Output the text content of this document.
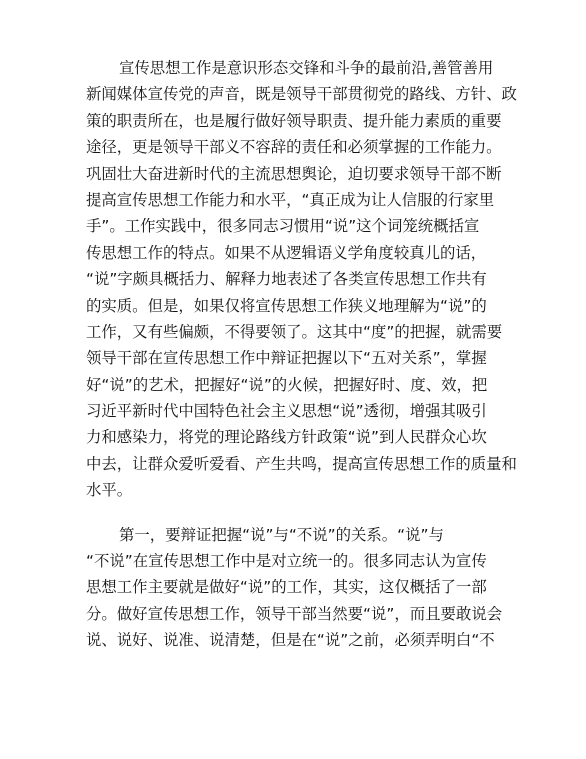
宣传思想工作是意识形态交锋和斗争的最前沿,善管善用
新闻媒体宣传党的声音，既是领导干部贯彻党的路线、方针、政
策的职责所在，也是履行做好领导职责、提升能力素质的重要
途径，更是领导干部义不容辞的责任和必须掌握的工作能力。
巩固壮大奋进新时代的主流思想舆论，迫切要求领导干部不断
提高宣传思想工作能力和水平，“真正成为让人信服的行家里
手”。工作实践中，很多同志习惯用“说”这个词笼统概括宣
传思想工作的特点。如果不从逻辑语义学角度较真儿的话，
“说”字颇具概括力、解释力地表述了各类宣传思想工作共有
的实质。但是，如果仅将宣传思想工作狭义地理解为“说”的
工作，又有些偏颇，不得要领了。这其中“度”的把握，就需要
领导干部在宣传思想工作中辩证把握以下“五对关系”，掌握
好“说”的艺术，把握好“说”的火候，把握好时、度、效，把
习近平新时代中国特色社会主义思想“说”透彻，增强其吸引
力和感染力，将党的理论路线方针政策“说”到人民群众心坎
中去，让群众爱听爱看、产生共鸣，提高宣传思想工作的质量和
水平。
第一，要辩证把握“说”与“不说”的关系。“说”与
“不说”在宣传思想工作中是对立统一的。很多同志认为宣传
思想工作主要就是做好“说”的工作，其实，这仅概括了一部
分。做好宣传思想工作，领导干部当然要“说”，而且要敢说会
说、说好、说准、说清楚，但是在“说”之前，必须弄明白“不
